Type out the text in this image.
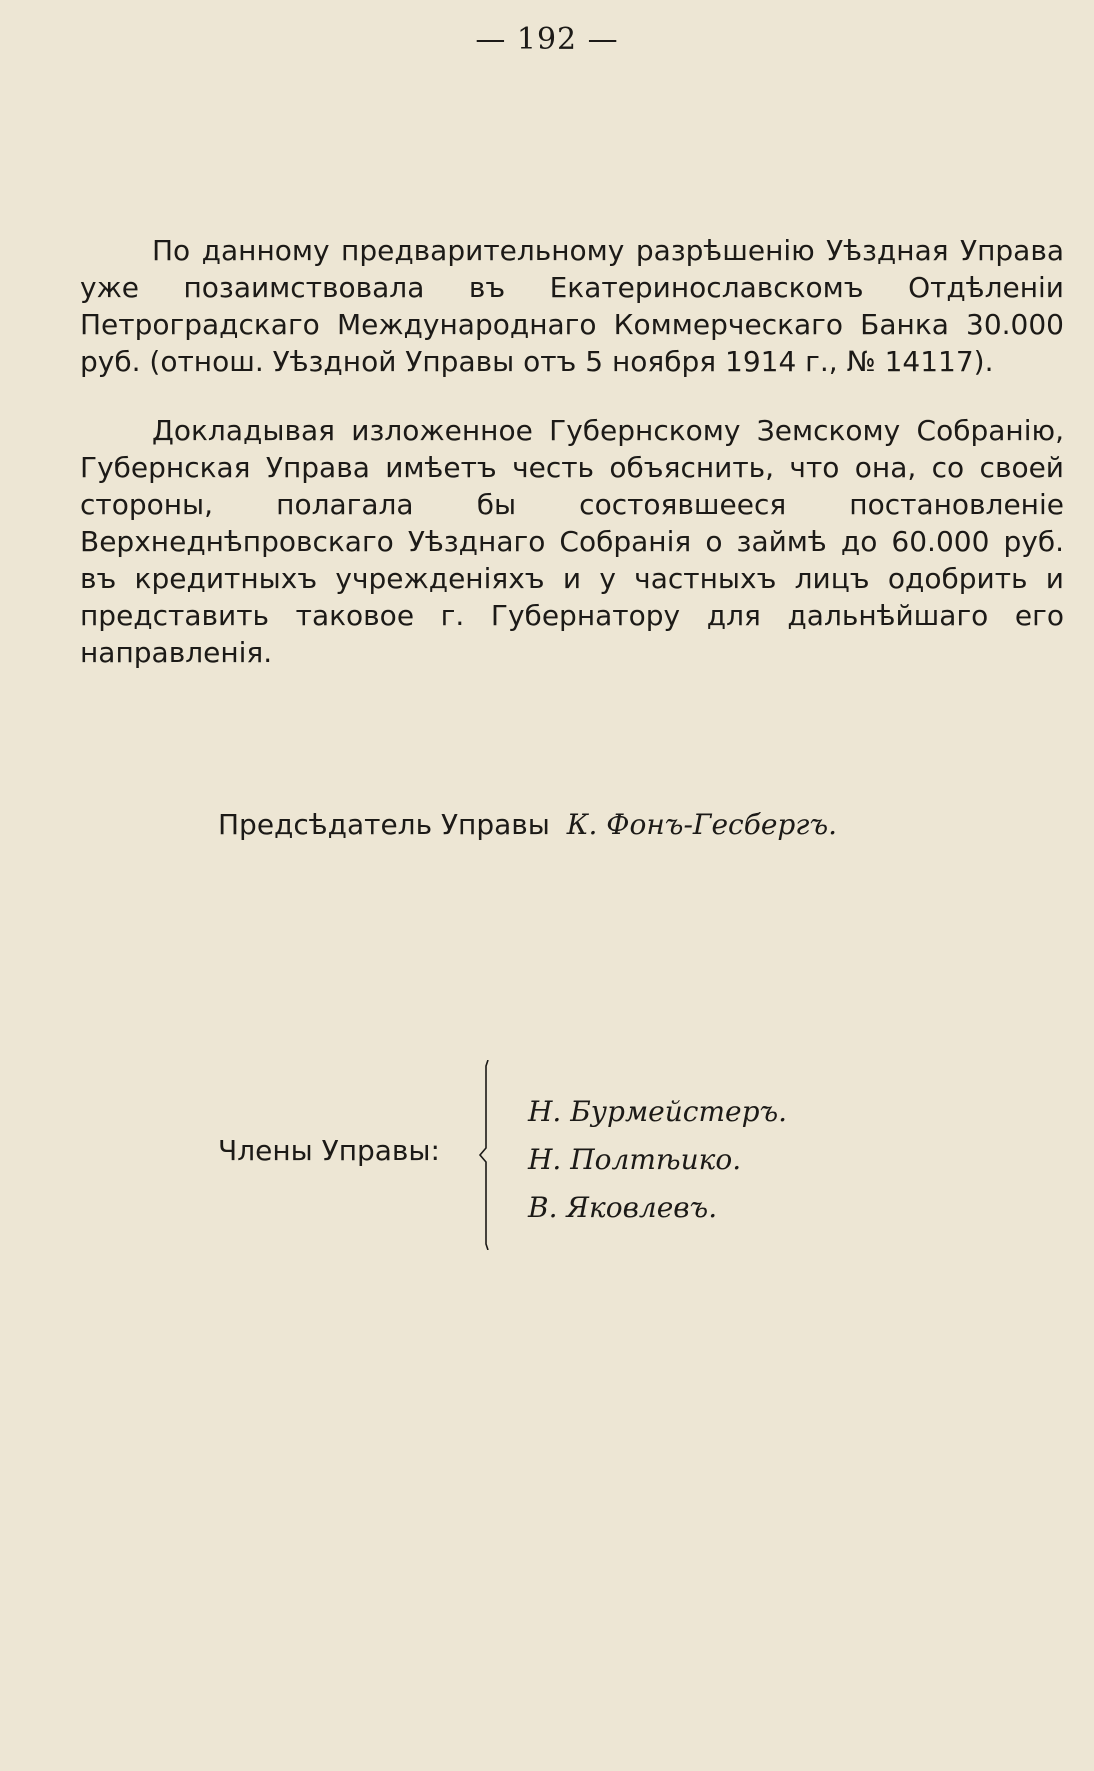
— 192 —

По данному предварительному разрѣшенію Уѣздная Управа уже позаимствовала въ Екатеринославскомъ Отдѣленіи Петроградскаго Международнаго Коммерческаго Банка 30.000 руб. (отнош. Уѣздной Управы отъ 5 ноября 1914 г., № 14117).

Докладывая изложенное Губернскому Земскому Собранію, Губернская Управа имѣетъ честь объяснить, что она, со своей стороны, полагала бы состоявшееся постановленіе Верхнеднѣпровскаго Уѣзднаго Собранія о займѣ до 60.000 руб. въ кредитныхъ учрежденіяхъ и у частныхъ лицъ одобрить и представить таковое г. Губернатору для дальнѣйшаго его направленія.

Предсѣдатель Управы К. Фонъ-Гесбергъ.
Члены Управы:
Н. Бурмейстеръ.
Н. Полтѣико.
В. Яковлевъ.
